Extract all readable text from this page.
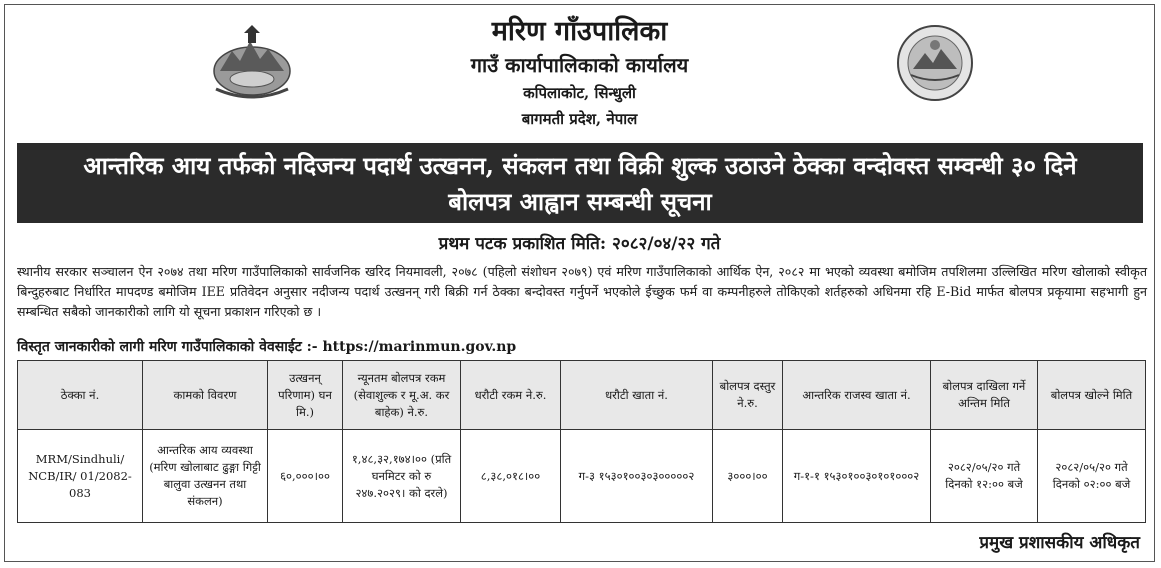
मरिण गाँउपालिका
गाउँ कार्यापालिकाको कार्यालय
कपिलाकोट, सिन्धुली
बागमती प्रदेश, नेपाल
आन्तरिक आय तर्फको नदिजन्य पदार्थ उत्खनन, संकलन तथा विक्री शुल्क उठाउने ठेक्का वन्दोवस्त सम्वन्धी ३० दिने
बोलपत्र आह्वान सम्बन्धी सूचना
प्रथम पटक प्रकाशित मिति: २०८२/०४/२२ गते
स्थानीय सरकार सञ्चालन ऐन २०७४ तथा मरिण गाउँपालिकाको सार्वजनिक खरिद नियमावली, २०७८ (पहिलो संशोधन २०७९) एवं मरिण गाउँपालिकाको आर्थिक ऐन, २०८२ मा भएको व्यवस्था बमोजिम तपशिलमा उल्लिखित मरिण खोलाको स्वीकृत बिन्दुहरुबाट निर्धारित मापदण्ड बमोजिम IEE प्रतिवेदन अनुसार नदीजन्य पदार्थ उत्खनन् गरी बिक्री गर्न ठेक्का बन्दोवस्त गर्नुपर्ने भएकोले ईच्छुक फर्म वा कम्पनीहरुले तोकिएको शर्तहरुको अधिनमा रहि E-Bid मार्फत बोलपत्र प्रकृयामा सहभागी हुन सम्बन्धित सबैको जानकारीको लागि यो सूचना प्रकाशन गरिएको छ ।
विस्तृत जानकारीको लागी मरिण गाउँपालिकाको वेवसाईट :- https://marinmun.gov.np
ठेक्का नं.	कामको विवरण	उत्खनन् परिणाम) घन मि.)	न्यूनतम बोलपत्र रकम (सेवाशुल्क र मू.अ. कर बाहेक) ने.रु.	धरौटी रकम ने.रु.	धरौटी खाता नं.	बोलपत्र दस्तुर ने.रु.	आन्तरिक राजस्व खाता नं.	बोलपत्र दाखिला गर्ने अन्तिम मिति	बोलपत्र खोल्ने मिति
MRM/Sindhuli/ NCB/IR/ 01/2082-083	आन्तरिक आय व्यवस्था (मरिण खोलाबाट ढुङ्गा गिट्टी बालुवा उत्खनन तथा संकलन)	६०,०००।००	१,४८,३२,१७४।०० (प्रति घनमिटर को रु २४७.२०२९। को दरले)	८,३८,०१८।००	ग-३ १५३०१००३०३०००००२	३०००।००	ग-१-१ १५३०१००३०१०१०००२	२०८२/०५/२० गते दिनको १२:०० बजे	२०८२/०५/२० गते दिनको ०२:०० बजे
प्रमुख प्रशासकीय अधिकृत
